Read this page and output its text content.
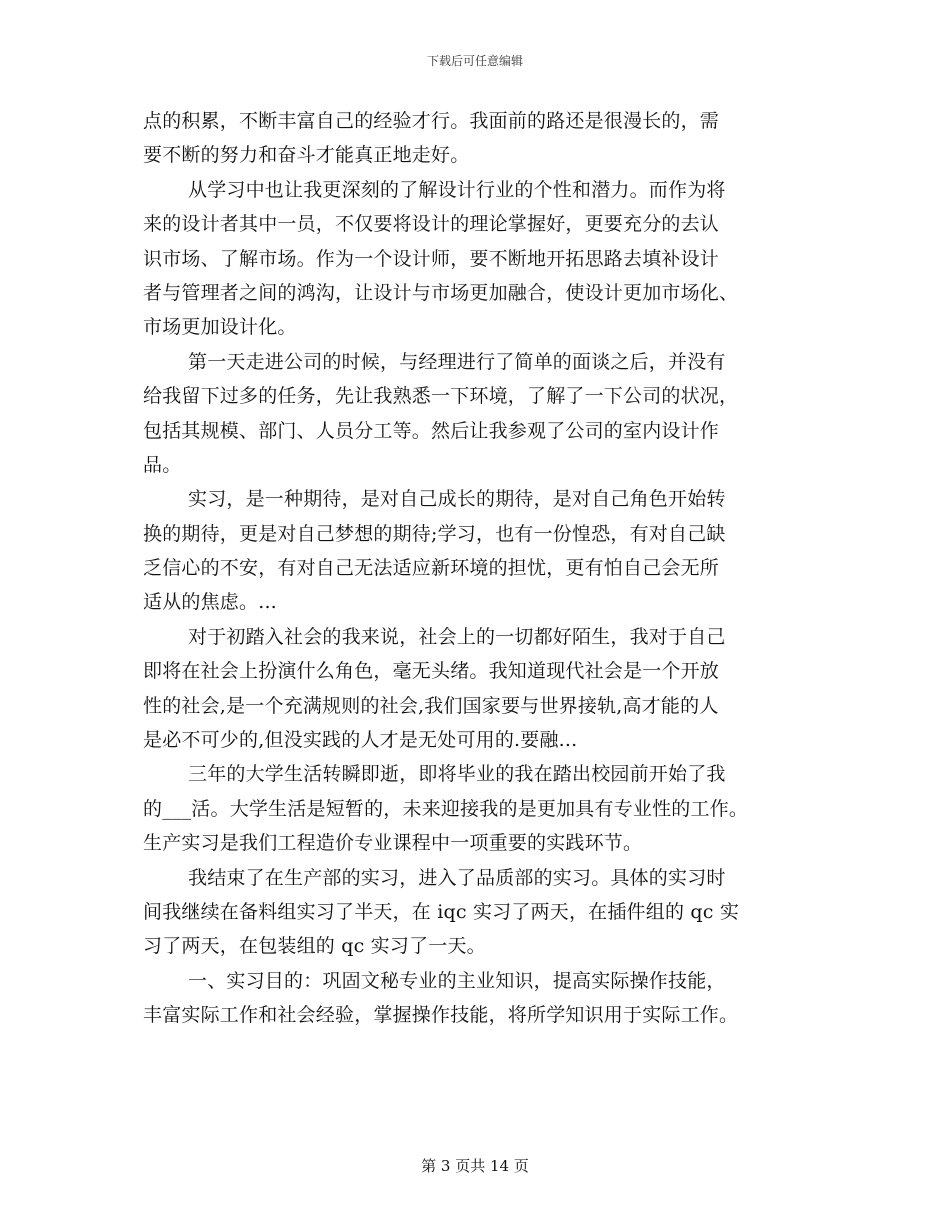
下载后可任意编辑
点的积累，不断丰富自己的经验才行。我面前的路还是很漫长的，需
要不断的努力和奋斗才能真正地走好。
从学习中也让我更深刻的了解设计行业的个性和潜力。而作为将
来的设计者其中一员，不仅要将设计的理论掌握好，更要充分的去认
识市场、了解市场。作为一个设计师，要不断地开拓思路去填补设计
者与管理者之间的鸿沟，让设计与市场更加融合，使设计更加市场化、
市场更加设计化。
第一天走进公司的时候，与经理进行了简单的面谈之后，并没有
给我留下过多的任务，先让我熟悉一下环境，了解了一下公司的状况，
包括其规模、部门、人员分工等。然后让我参观了公司的室内设计作
品。
实习，是一种期待，是对自己成长的期待，是对自己角色开始转
换的期待，更是对自己梦想的期待;学习，也有一份惶恐，有对自己缺
乏信心的不安，有对自己无法适应新环境的担忧，更有怕自己会无所
适从的焦虑。...
对于初踏入社会的我来说，社会上的一切都好陌生，我对于自己
即将在社会上扮演什么角色，毫无头绪。我知道现代社会是一个开放
性的社会,是一个充满规则的社会,我们国家要与世界接轨,高才能的人
是必不可少的,但没实践的人才是无处可用的.要融...
三年的大学生活转瞬即逝，即将毕业的我在踏出校园前开始了我
的___活。大学生活是短暂的，未来迎接我的是更加具有专业性的工作。
生产实习是我们工程造价专业课程中一项重要的实践环节。
我结束了在生产部的实习，进入了品质部的实习。具体的实习时
间我继续在备料组实习了半天，在 iqc 实习了两天，在插件组的 qc 实
习了两天，在包装组的 qc 实习了一天。
一、实习目的：巩固文秘专业的主业知识，提高实际操作技能，
丰富实际工作和社会经验，掌握操作技能，将所学知识用于实际工作。
第 3 页共 14 页
